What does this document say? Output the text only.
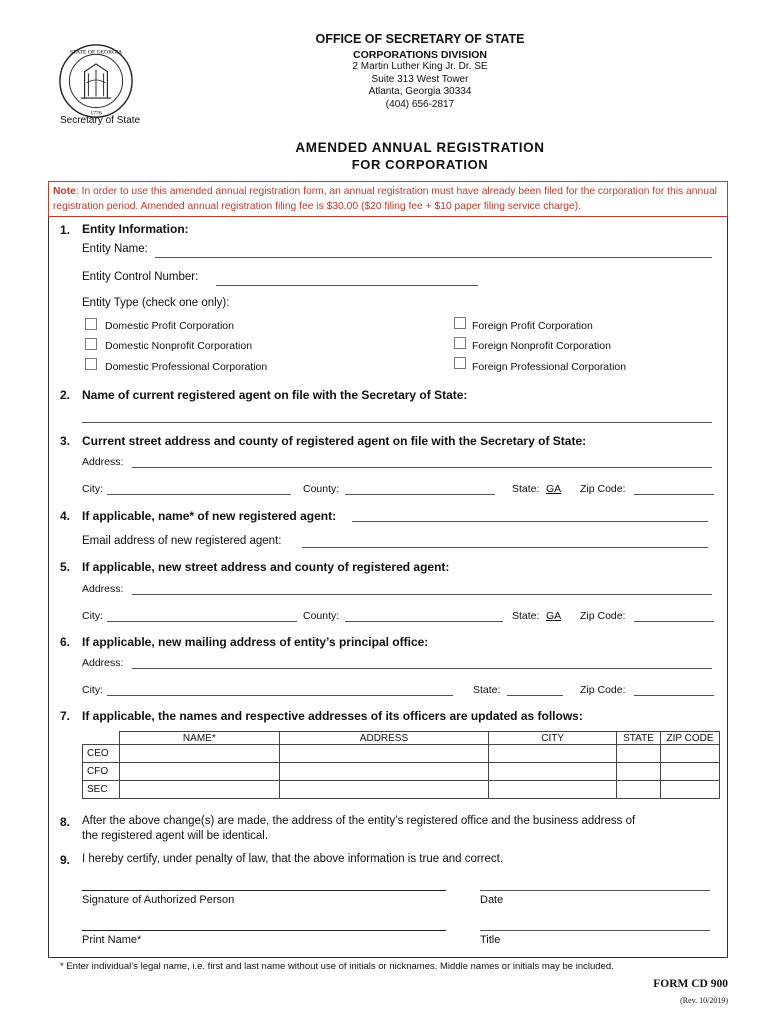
STATE OF GEORGIA
1776
OFFICE OF SECRETARY OF STATE
CORPORATIONS DIVISION
2 Martin Luther King Jr. Dr. SE
Suite 313 West Tower
Atlanta, Georgia 30334
(404) 656-2817
Secretary of State
AMENDED ANNUAL REGISTRATION
FOR CORPORATION
Note: In order to use this amended annual registration form, an annual registration must have already been filed for the corporation for this annual registration period. Amended annual registration filing fee is $30.00 ($20 filing fee + $10 paper filing service charge).
1. Entity Information:
Entity Name:
Entity Control Number:
Entity Type (check one only):
Domestic Profit Corporation
Domestic Nonprofit Corporation
Domestic Professional Corporation
Foreign Profit Corporation
Foreign Nonprofit Corporation
Foreign Professional Corporation
2. Name of current registered agent on file with the Secretary of State:
3. Current street address and county of registered agent on file with the Secretary of State:
Address:
City:	County:	State: GA Zip Code:
4. If applicable, name* of new registered agent:
Email address of new registered agent:
5. If applicable, new street address and county of registered agent:
Address:
City:	County:	State: GA Zip Code:
6. If applicable, new mailing address of entity’s principal office:
Address:
City:	State:	Zip Code:
7. If applicable, the names and respective addresses of its officers are updated as follows:
	NAME*	ADDRESS	CITY	STATE	ZIP CODE
CEO					
CFO					
SEC					
8. After the above change(s) are made, the address of the entity’s registered office and the business address of
the registered agent will be identical.
9. I hereby certify, under penalty of law, that the above information is true and correct.
Signature of Authorized Person	Date
Print Name*	Title
* Enter individual’s legal name, i.e. first and last name without use of initials or nicknames. Middle names or initials may be included.
FORM CD 900
(Rev. 10/2019)
